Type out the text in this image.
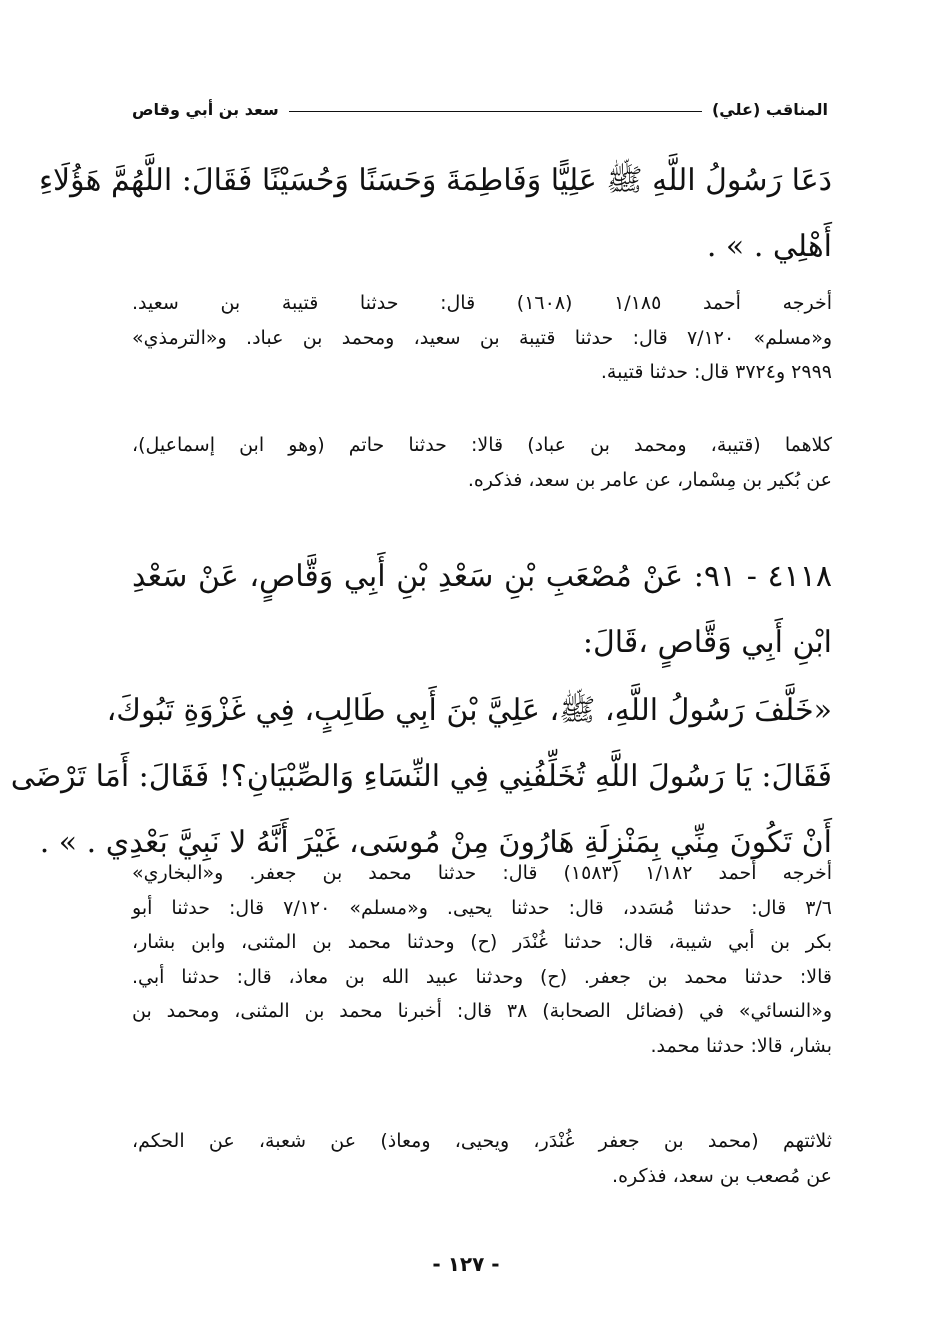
المناقب (علي)
سعد بن أبي وقاص
دَعَا رَسُولُ اللَّهِ ﷺ عَلِيًّا وَفَاطِمَةَ وَحَسَنًا وَحُسَيْنًا فَقَالَ: اللَّهُمَّ هَؤُلَاءِ
أَهْلِي . » .
أخرجه أحمد ١/١٨٥ (١٦٠٨) قال: حدثنا قتيبة بن سعيد.
و«مسلم» ٧/١٢٠ قال: حدثنا قتيبة بن سعيد، ومحمد بن عباد. و«الترمذي»
٢٩٩٩ و٣٧٢٤ قال: حدثنا قتيبة.
كلاهما (قتيبة، ومحمد بن عباد) قالا: حدثنا حاتم (وهو ابن إسماعيل)،
عن بُكير بن مِسْمار، عن عامر بن سعد، فذكره.
٤١١٨ - ٩١: عَنْ مُصْعَبِ بْنِ سَعْدِ بْنِ أَبِي وَقَّاصٍ، عَنْ سَعْدِ
ابْنِ أَبِي وَقَّاصٍ ،قَالَ:
«خَلَّفَ رَسُولُ اللَّهِ، ﷺ، عَلِيَّ بْنَ أَبِي طَالِبٍ، فِي غَزْوَةِ تَبُوكَ،
فَقَالَ: يَا رَسُولَ اللَّهِ تُخَلِّفُنِي فِي النِّسَاءِ وَالصِّبْيَانِ؟! فَقَالَ: أَمَا تَرْضَى
أَنْ تَكُونَ مِنِّي بِمَنْزِلَةِ هَارُونَ مِنْ مُوسَى، غَيْرَ أَنَّهُ لا نَبِيَّ بَعْدِي . » .
أخرجه أحمد ١/١٨٢ (١٥٨٣) قال: حدثنا محمد بن جعفر. و«البخاري»
٣/٦ قال: حدثنا مُسَدد، قال: حدثنا يحيى. و«مسلم» ٧/١٢٠ قال: حدثنا أبو
بكر بن أبي شيبة، قال: حدثنا غُنْدَر (ح) وحدثنا محمد بن المثنى، وابن بشار،
قالا: حدثنا محمد بن جعفر. (ح) وحدثنا عبيد الله بن معاذ، قال: حدثنا أبي.
و«النسائي» في (فضائل الصحابة) ٣٨ قال: أخبرنا محمد بن المثنى، ومحمد بن
بشار، قالا: حدثنا محمد.
ثلاثتهم (محمد بن جعفر غُنْدَر، ويحيى، ومعاذ) عن شعبة، عن الحكم،
عن مُصعب بن سعد، فذكره.
- ١٢٧ -
